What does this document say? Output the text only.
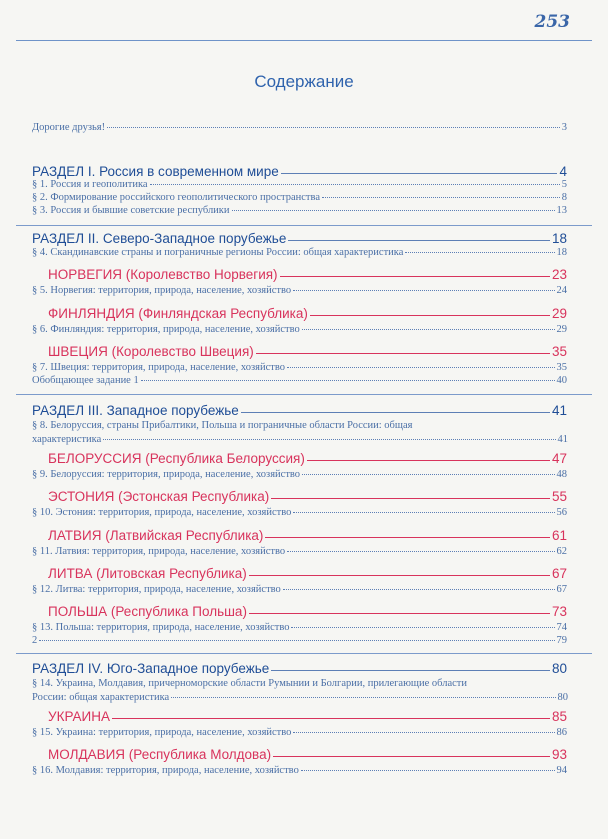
253
Содержание
Дорогие друзья!	3
РАЗДЕЛ I. Россия в современном мире	4
§ 1. Россия и геополитика	5
§ 2. Формирование российского геополитического пространства	8
§ 3. Россия и бывшие советские республики	13
РАЗДЕЛ II. Северо-Западное порубежье	18
§ 4. Скандинавские страны и пограничные регионы России: общая характеристика	18
НОРВЕГИЯ (Королевство Норвегия)	23
§ 5. Норвегия: территория, природа, население, хозяйство	24
ФИНЛЯНДИЯ (Финляндская Республика)	29
§ 6. Финляндия: территория, природа, население, хозяйство	29
ШВЕЦИЯ (Королевство Швеция)	35
§ 7. Швеция: территория, природа, население, хозяйство	35
Обобщающее задание 1	40
РАЗДЕЛ III. Западное порубежье	41
§ 8. Белоруссия, страны Прибалтики, Польша и пограничные области России: общая
характеристика	41
БЕЛОРУССИЯ (Республика Белоруссия)	47
§ 9. Белоруссия: территория, природа, население, хозяйство	48
ЭСТОНИЯ (Эстонская Республика)	55
§ 10. Эстония: территория, природа, население, хозяйство	56
ЛАТВИЯ (Латвийская Республика)	61
§ 11. Латвия: территория, природа, население, хозяйство	62
ЛИТВА (Литовская Республика)	67
§ 12. Литва: территория, природа, население, хозяйство	67
ПОЛЬША (Республика Польша)	73
§ 13. Польша: территория, природа, население, хозяйство	74
2	79
РАЗДЕЛ IV. Юго-Западное порубежье	80
§ 14. Украина, Молдавия, причерноморские области Румынии и Болгарии, прилегающие области
России: общая характеристика	80
УКРАИНА	85
§ 15. Украина: территория, природа, население, хозяйство	86
МОЛДАВИЯ (Республика Молдова)	93
§ 16. Молдавия: территория, природа, население, хозяйство	94
